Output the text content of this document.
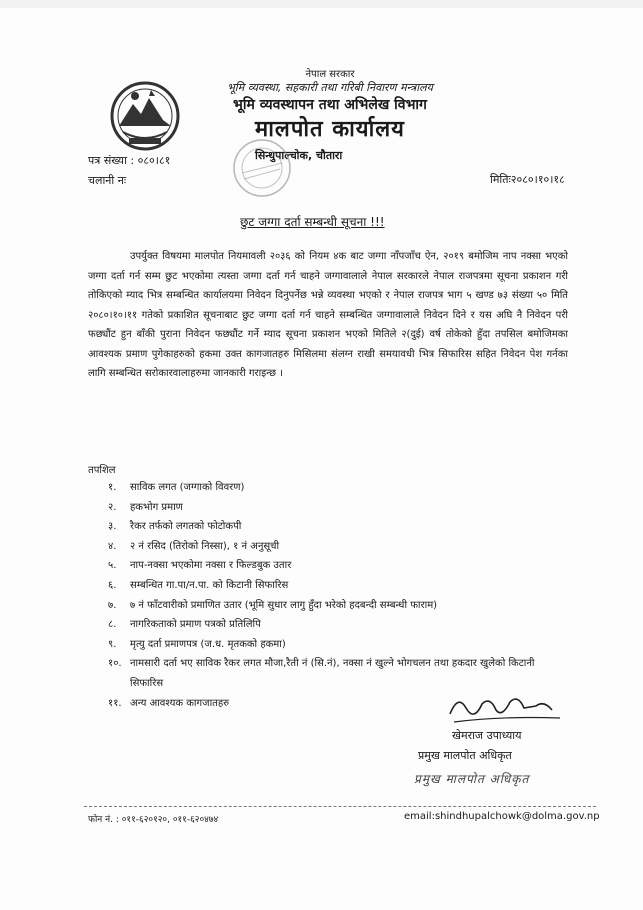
नेपाल सरकार
भूमि व्यवस्था, सहकारी तथा गरिबी निवारण मन्त्रालय
भूमि व्यवस्थापन तथा अभिलेख विभाग
मालपोत कार्यालय
सिन्धुपाल्चोक, चौतारा
पत्र संख्या : ०८०।८१
चलानी नः	मितिः२०८०।१०।१८
छुट जग्गा दर्ता सम्बन्धी सूचना !!!
उपर्युक्त विषयमा मालपोत नियमावली २०३६ को नियम ४क बाट जग्गा नाँपजाँच ऐन, २०१९ बमोजिम नाप नक्सा भएको जग्गा दर्ता गर्न सम्म छुट भएकोमा त्यस्ता जग्गा दर्ता गर्न चाहने जग्गावालाले नेपाल सरकारले नेपाल राजपत्रमा सूचना प्रकाशन गरी तोकिएको म्याद भित्र सम्बन्धित कार्यालयमा निवेदन दिनुपर्नेछ भन्ने व्यवस्था भएको र नेपाल राजपत्र भाग ५ खण्ड ७३ संख्या ५० मिति २०८०।१०।११ गतेको प्रकाशित सूचनाबाट छुट जग्गा दर्ता गर्न चाहने सम्बन्धित जग्गावालाले निवेदन दिने र यस अघि नै निवेदन परी फछ्यौंट हुन बाँकी पुराना निवेदन फछ्यौंट गर्ने म्याद सूचना प्रकाशन भएको मितिले २(दुई) वर्ष तोकेको हुँदा तपसिल बमोजिमका आवश्यक प्रमाण पुगेकाहरुको हकमा उक्त कागजातहरु मिसिलमा संलग्न राखी समयावधी भित्र सिफारिस सहित निवेदन पेश गर्नका लागि सम्बन्धित सरोकारवालाहरुमा जानकारी गराइन्छ ।
तपशिल
१.	साविक लगत (जग्गाको विवरण)
२.	हकभोग प्रमाण
३.	रैकर तर्फको लगतको फोटोकपी
४.	२ नं रसिद (तिरोको निस्सा), १ नं अनुसूची
५.	नाप-नक्सा भएकोमा नक्सा र फिल्डबुक उतार
६.	सम्बन्धित गा.पा/न.पा. को किटानी सिफारिस
७.	७ नं फाँटवारीको प्रमाणित उतार (भूमि सुधार लागु हुँदा भरेको हदबन्दी सम्बन्धी फाराम)
८.	नागरिकताको प्रमाण पत्रको प्रतिलिपि
९.	मृत्यु दर्ता प्रमाणपत्र (ज.ध. मृतकको हकमा)
१०. नामसारी दर्ता भए साविक रैकर लगत मौजा,रैती नं (सि.नं), नक्सा नं खुल्ने भोगचलन तथा हकदार खुलेको किटानी सिफारिस
११. अन्य आवश्यक कागजातहरु
खेमराज उपाध्याय
प्रमुख मालपोत अधिकृत
प्रमुख मालपोत अधिकृत
फोन नं. : ०११-६२०१२०, ०११-६२०४७४	email:shindhupalchowk@dolma.gov.np
